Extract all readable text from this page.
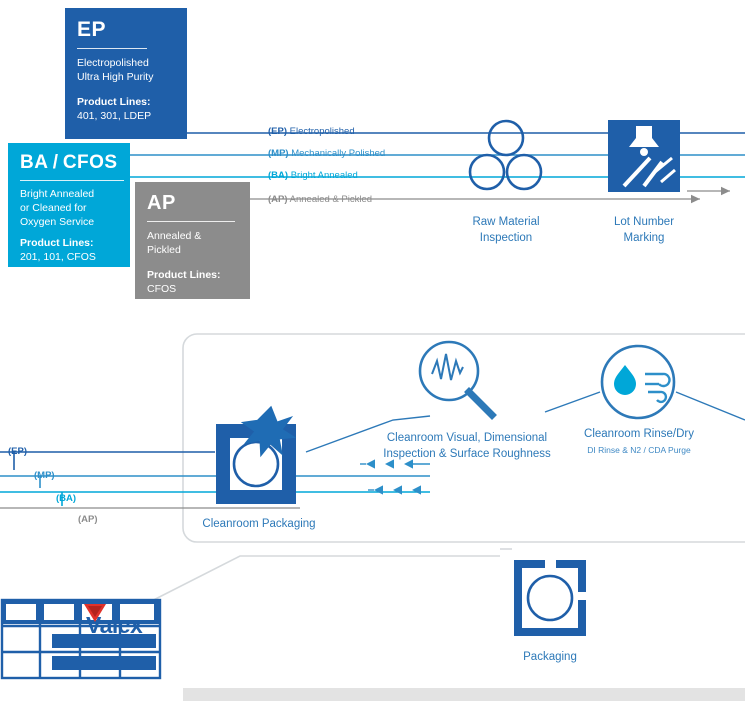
EP
Electropolished
Ultra High Purity
Product Lines:
401, 301, LDEP
BA / CFOS
Bright Annealed
or Cleaned for
Oxygen Service
Product Lines:
201, 101, CFOS
AP
Annealed & Pickled
Product Lines:
CFOS
(EP) Electropolished
(MP) Mechanically Polished
(BA) Bright Annealed
(AP) Annealed & Pickled
(EP)
(MP)
(BA)
(AP)
Raw Material
Inspection
Lot Number
Marking
Cleanroom Visual, Dimensional
Inspection & Surface Roughness
Cleanroom Rinse/Dry
DI Rinse & N2 / CDA Purge
Cleanroom Packaging
Packaging
Valex
